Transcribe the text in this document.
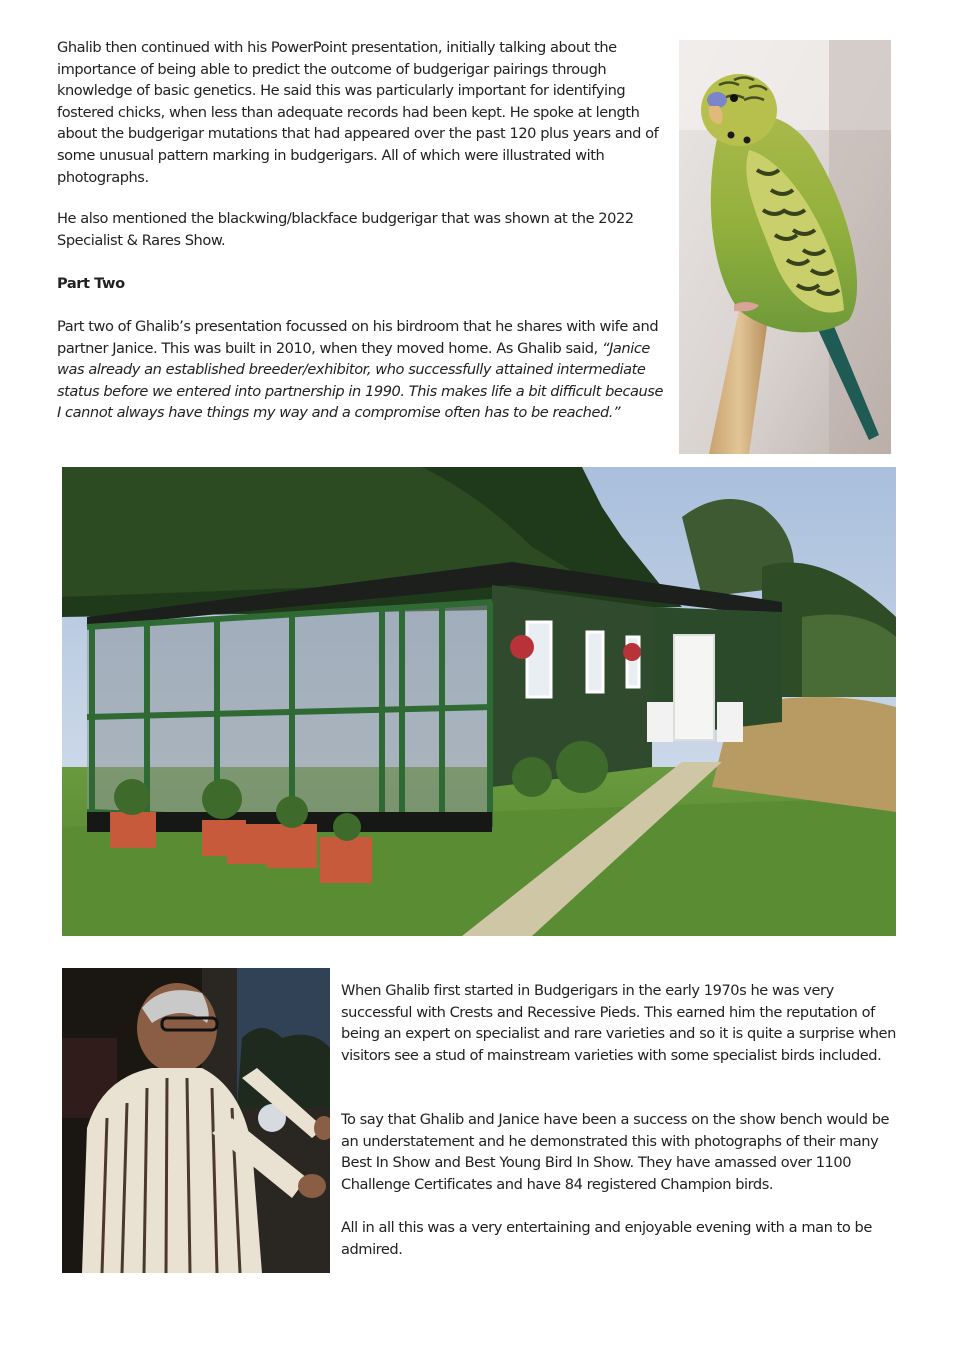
Ghalib then continued with his PowerPoint presentation, initially talking about the importance of being able to predict the outcome of budgerigar pairings through knowledge of basic genetics. He said this was particularly important for identifying fostered chicks, when less than adequate records had been kept. He spoke at length about the budgerigar mutations that had appeared over the past 120 plus years and of some unusual pattern marking in budgerigars. All of which were illustrated with photographs.

He also mentioned the blackwing/blackface budgerigar that was shown at the 2022 Specialist & Rares Show.

Part Two

Part two of Ghalib’s presentation focussed on his birdroom that he shares with wife and partner Janice. This was built in 2010, when they moved home. As Ghalib said, “Janice was already an established breeder/exhibitor, who successfully attained intermediate status before we entered into partnership in 1990. This makes life a bit difficult because I cannot always have things my way and a compromise often has to be reached.”

When Ghalib first started in Budgerigars in the early 1970s he was very successful with Crests and Recessive Pieds. This earned him the reputation of being an expert on specialist and rare varieties and so it is quite a surprise when visitors see a stud of mainstream varieties with some specialist birds included.

To say that Ghalib and Janice have been a success on the show bench would be an understatement and he demonstrated this with photographs of their many Best In Show and Best Young Bird In Show. They have amassed over 1100 Challenge Certificates and have 84 registered Champion birds.

All in all this was a very entertaining and enjoyable evening with a man to be admired.
